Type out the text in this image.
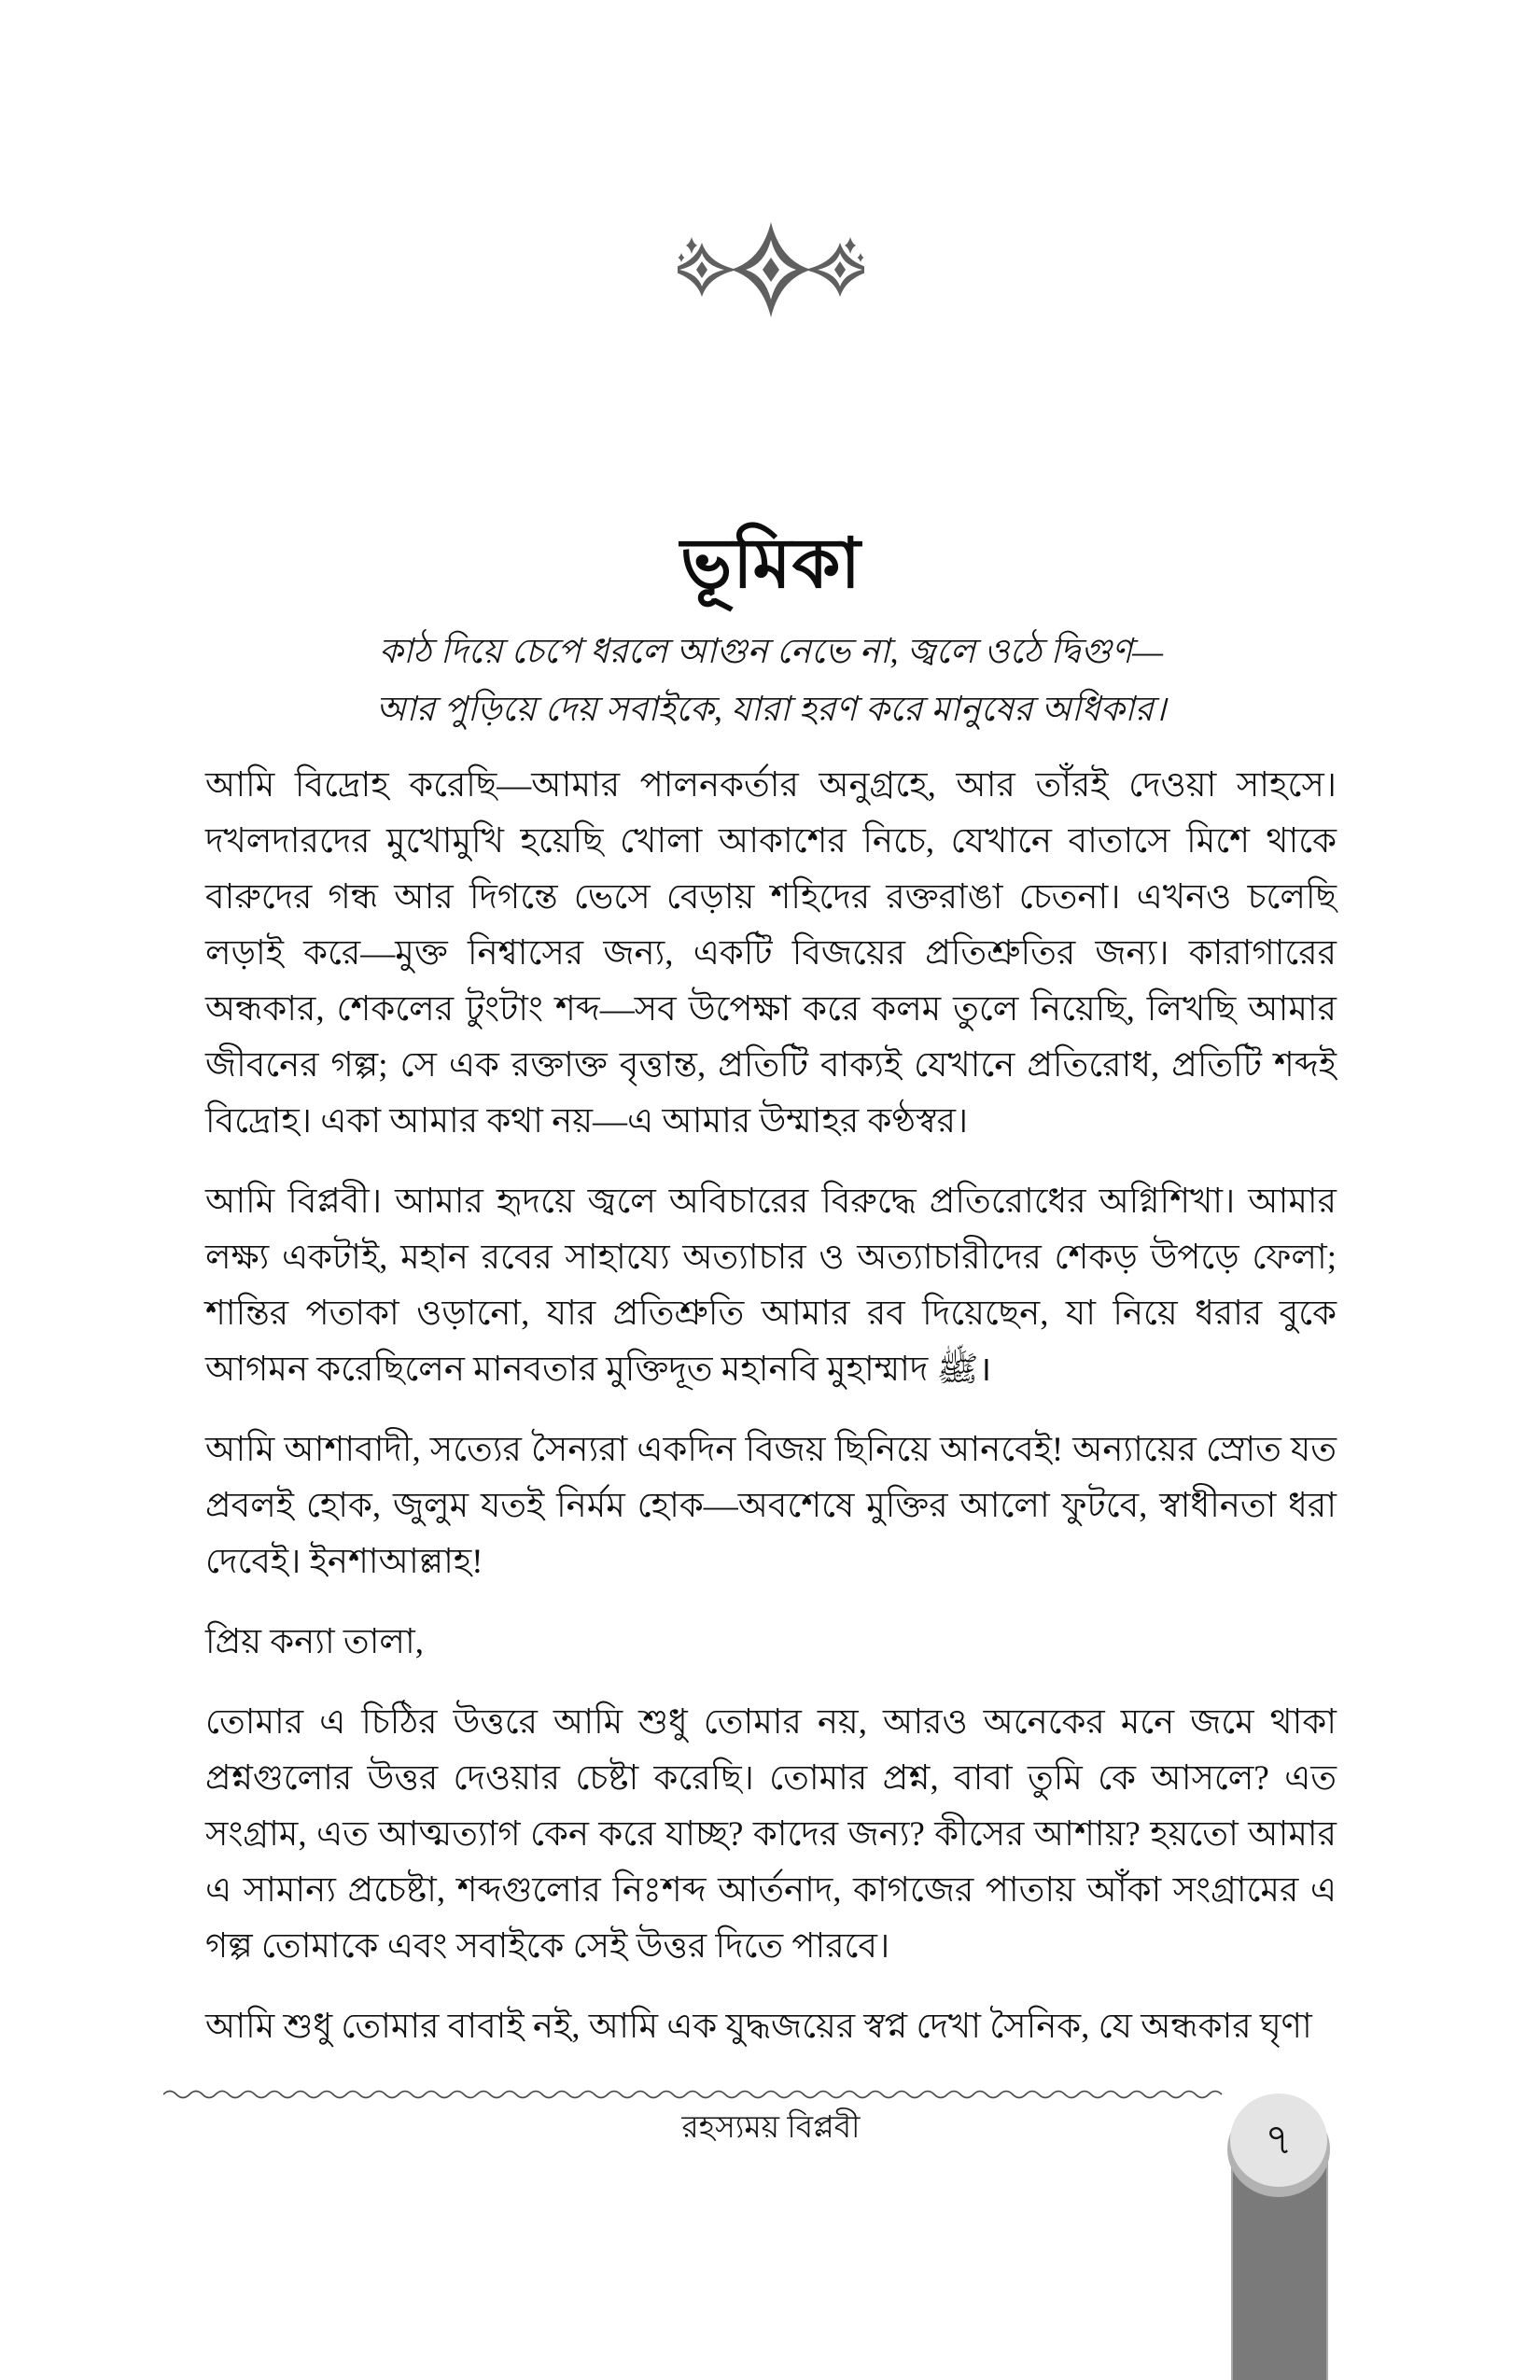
ভূমিকা
কাঠ দিয়ে চেপে ধরলে আগুন নেভে না, জ্বলে ওঠে দ্বিগুণ—
আর পুড়িয়ে দেয় সবাইকে, যারা হরণ করে মানুষের অধিকার।
আমি বিদ্রোহ করেছি—আমার পালনকর্তার অনুগ্রহে, আর তাঁরই দেওয়া সাহসে।
দখলদারদের মুখোমুখি হয়েছি খোলা আকাশের নিচে, যেখানে বাতাসে মিশে থাকে
বারুদের গন্ধ আর দিগন্তে ভেসে বেড়ায় শহিদের রক্তরাঙা চেতনা। এখনও চলেছি
লড়াই করে—মুক্ত নিশ্বাসের জন্য, একটি বিজয়ের প্রতিশ্রুতির জন্য। কারাগারের
অন্ধকার, শেকলের টুংটাং শব্দ—সব উপেক্ষা করে কলম তুলে নিয়েছি, লিখছি আমার
জীবনের গল্প; সে এক রক্তাক্ত বৃত্তান্ত, প্রতিটি বাক্যই যেখানে প্রতিরোধ, প্রতিটি শব্দই
বিদ্রোহ। একা আমার কথা নয়—এ আমার উম্মাহর কণ্ঠস্বর।
আমি বিপ্লবী। আমার হৃদয়ে জ্বলে অবিচারের বিরুদ্ধে প্রতিরোধের অগ্নিশিখা। আমার
লক্ষ্য একটাই, মহান রবের সাহায্যে অত্যাচার ও অত্যাচারীদের শেকড় উপড়ে ফেলা;
শান্তির পতাকা ওড়ানো, যার প্রতিশ্রুতি আমার রব দিয়েছেন, যা নিয়ে ধরার বুকে
আগমন করেছিলেন মানবতার মুক্তিদূত মহানবি মুহাম্মাদ ﷺ।
আমি আশাবাদী, সত্যের সৈন্যরা একদিন বিজয় ছিনিয়ে আনবেই! অন্যায়ের স্রোত যত
প্রবলই হোক, জুলুম যতই নির্মম হোক—অবশেষে মুক্তির আলো ফুটবে, স্বাধীনতা ধরা
দেবেই। ইনশাআল্লাহ!
প্রিয় কন্যা তালা,
তোমার এ চিঠির উত্তরে আমি শুধু তোমার নয়, আরও অনেকের মনে জমে থাকা
প্রশ্নগুলোর উত্তর দেওয়ার চেষ্টা করেছি। তোমার প্রশ্ন, বাবা তুমি কে আসলে? এত
সংগ্রাম, এত আত্মত্যাগ কেন করে যাচ্ছ? কাদের জন্য? কীসের আশায়? হয়তো আমার
এ সামান্য প্রচেষ্টা, শব্দগুলোর নিঃশব্দ আর্তনাদ, কাগজের পাতায় আঁকা সংগ্রামের এ
গল্প তোমাকে এবং সবাইকে সেই উত্তর দিতে পারবে।
আমি শুধু তোমার বাবাই নই, আমি এক যুদ্ধজয়ের স্বপ্ন দেখা সৈনিক, যে অন্ধকার ঘৃণা
রহস্যময় বিপ্লবী	৭
